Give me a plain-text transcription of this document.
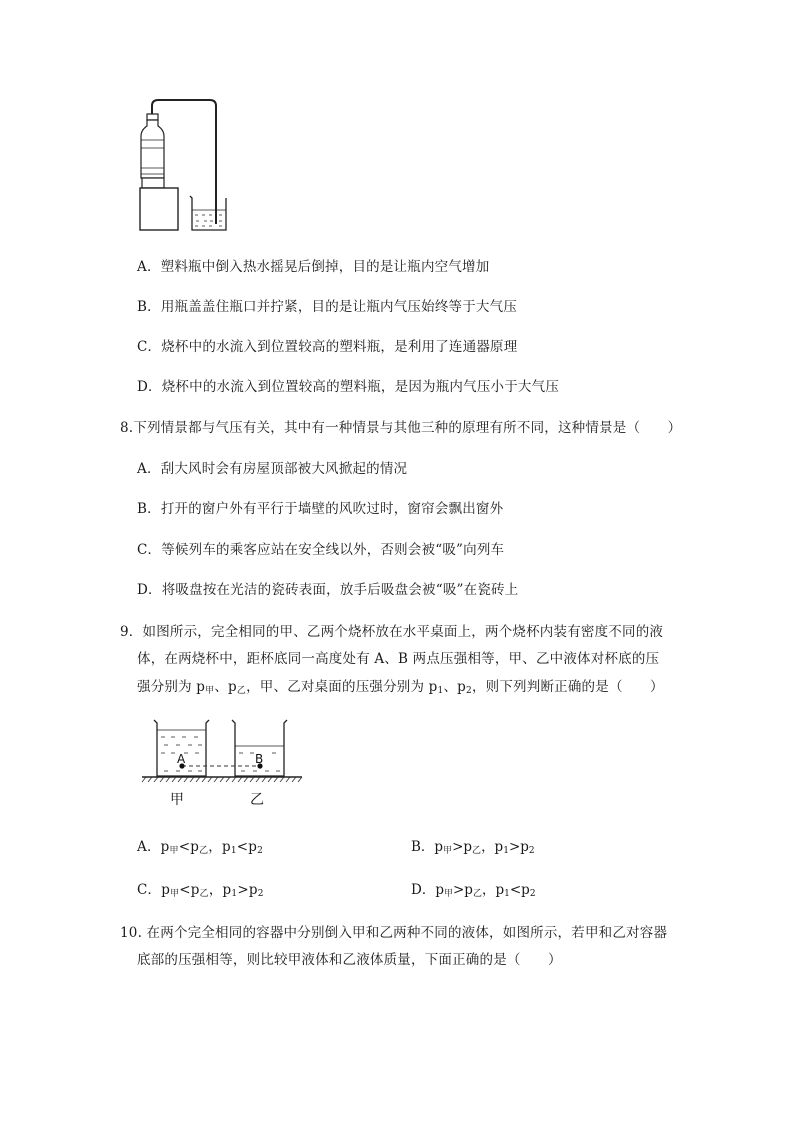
A．塑料瓶中倒入热水摇晃后倒掉，目的是让瓶内空气增加
B．用瓶盖盖住瓶口并拧紧，目的是让瓶内气压始终等于大气压
C．烧杯中的水流入到位置较高的塑料瓶，是利用了连通器原理
D．烧杯中的水流入到位置较高的塑料瓶，是因为瓶内气压小于大气压
8.下列情景都与气压有关，其中有一种情景与其他三种的原理有所不同，这种情景是（　　）
A．刮大风时会有房屋顶部被大风掀起的情况
B．打开的窗户外有平行于墙壁的风吹过时，窗帘会飘出窗外
C．等候列车的乘客应站在安全线以外，否则会被“吸”向列车
D．将吸盘按在光洁的瓷砖表面，放手后吸盘会被“吸”在瓷砖上
9．如图所示，完全相同的甲、乙两个烧杯放在水平桌面上，两个烧杯内装有密度不同的液
体，在两烧杯中，距杯底同一高度处有 A、B 两点压强相等，甲、乙中液体对杯底的压
强分别为 $p_甲$、$p_乙$，甲、乙对桌面的压强分别为 $p_1$、$p_2$，则下列判断正确的是（　　）
A	B
甲	乙
A．$p_甲<p_乙$，$p_1<p_2$	B．$p_甲>p_乙$，$p_1>p_2$
C．$p_甲<p_乙$，$p_1>p_2$	D．$p_甲>p_乙$，$p_1<p_2$
10. 在两个完全相同的容器中分别倒入甲和乙两种不同的液体，如图所示，若甲和乙对容器
底部的压强相等，则比较甲液体和乙液体质量，下面正确的是（　　）
